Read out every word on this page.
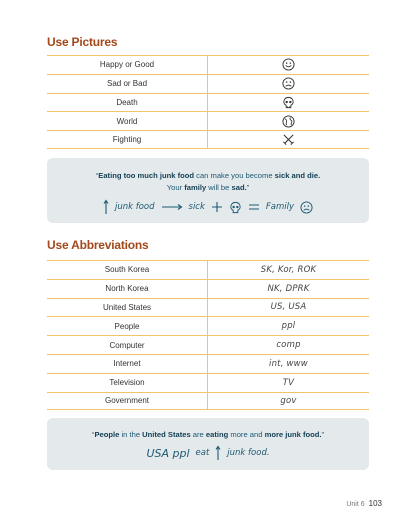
Use Pictures
Happy or Good
Sad or Bad
Death
World
Fighting
“Eating too much junk food can make you become sick and die.
Your family will be sad.”
junk food	sick	Family
Use Abbreviations
South Korea	SK, Kor, ROK
North Korea	NK, DPRK
United States	US, USA
People	ppl
Computer	comp
Internet	int, www
Television	TV
Government	gov
“People in the United States are eating more and more junk food.”
USA ppl eat junk food.
Unit 6 103
